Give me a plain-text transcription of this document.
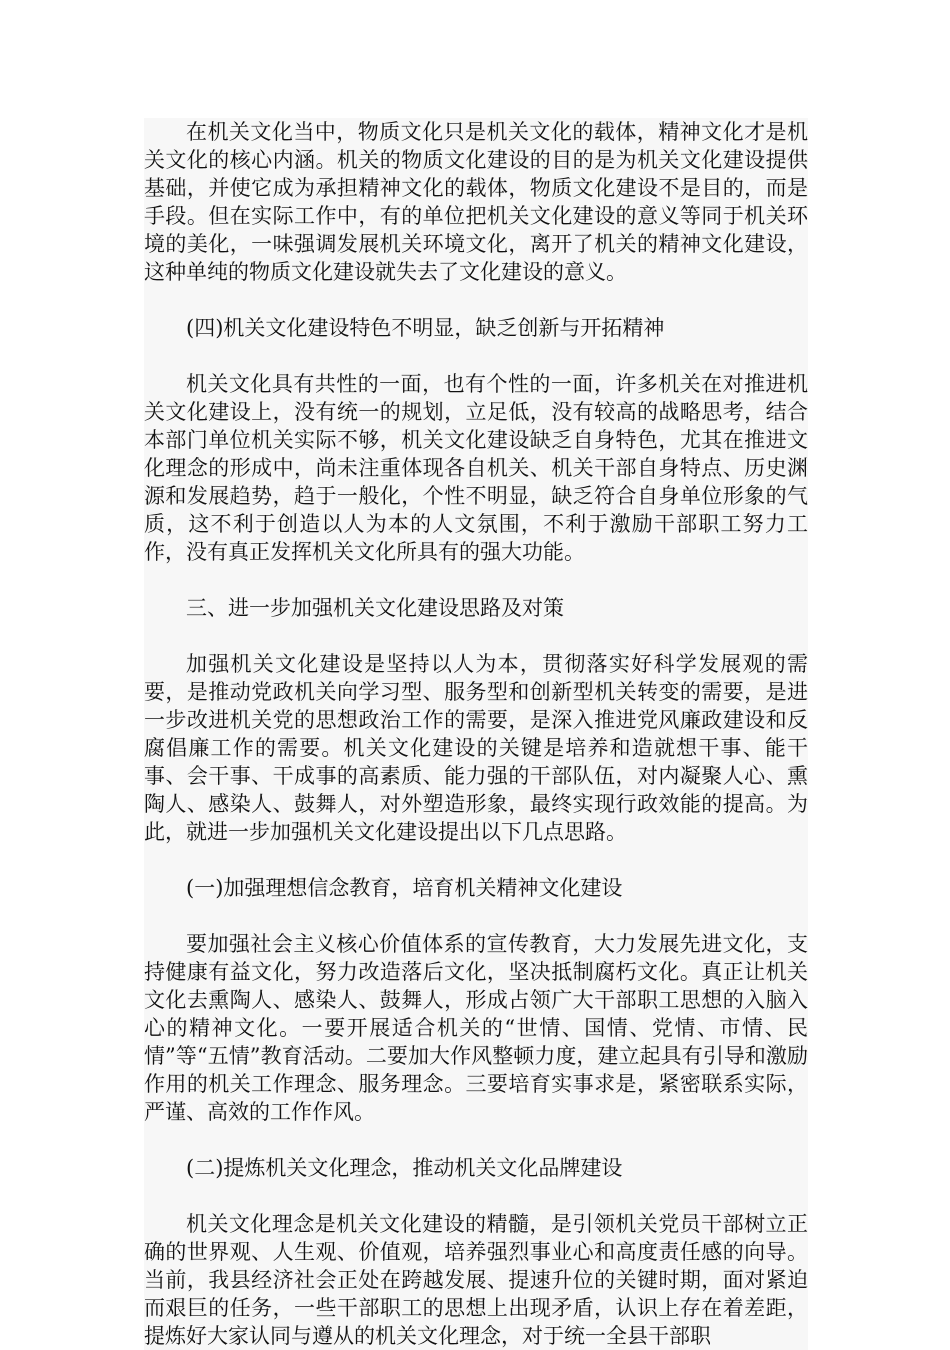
在机关文化当中，物质文化只是机关文化的载体，精神文化才是机关文化的核心内涵。机关的物质文化建设的目的是为机关文化建设提供基础，并使它成为承担精神文化的载体，物质文化建设不是目的，而是手段。但在实际工作中，有的单位把机关文化建设的意义等同于机关环境的美化，一味强调发展机关环境文化，离开了机关的精神文化建设，这种单纯的物质文化建设就失去了文化建设的意义。

(四)机关文化建设特色不明显，缺乏创新与开拓精神

机关文化具有共性的一面，也有个性的一面，许多机关在对推进机关文化建设上，没有统一的规划，立足低，没有较高的战略思考，结合本部门单位机关实际不够，机关文化建设缺乏自身特色，尤其在推进文化理念的形成中，尚未注重体现各自机关、机关干部自身特点、历史渊源和发展趋势，趋于一般化，个性不明显，缺乏符合自身单位形象的气质，这不利于创造以人为本的人文氛围，不利于激励干部职工努力工作，没有真正发挥机关文化所具有的强大功能。

三、进一步加强机关文化建设思路及对策

加强机关文化建设是坚持以人为本，贯彻落实好科学发展观的需要，是推动党政机关向学习型、服务型和创新型机关转变的需要，是进一步改进机关党的思想政治工作的需要，是深入推进党风廉政建设和反腐倡廉工作的需要。机关文化建设的关键是培养和造就想干事、能干事、会干事、干成事的高素质、能力强的干部队伍，对内凝聚人心、熏陶人、感染人、鼓舞人，对外塑造形象，最终实现行政效能的提高。为此，就进一步加强机关文化建设提出以下几点思路。

(一)加强理想信念教育，培育机关精神文化建设

要加强社会主义核心价值体系的宣传教育，大力发展先进文化，支持健康有益文化，努力改造落后文化，坚决抵制腐朽文化。真正让机关文化去熏陶人、感染人、鼓舞人，形成占领广大干部职工思想的入脑入心的精神文化。一要开展适合机关的“世情、国情、党情、市情、民情”等“五情”教育活动。二要加大作风整顿力度，建立起具有引导和激励作用的机关工作理念、服务理念。三要培育实事求是，紧密联系实际，严谨、高效的工作作风。

(二)提炼机关文化理念，推动机关文化品牌建设

机关文化理念是机关文化建设的精髓，是引领机关党员干部树立正确的世界观、人生观、价值观，培养强烈事业心和高度责任感的向导。当前，我县经济社会正处在跨越发展、提速升位的关键时期，面对紧迫而艰巨的任务，一些干部职工的思想上出现矛盾，认识上存在着差距，提炼好大家认同与遵从的机关文化理念，对于统一全县干部职
